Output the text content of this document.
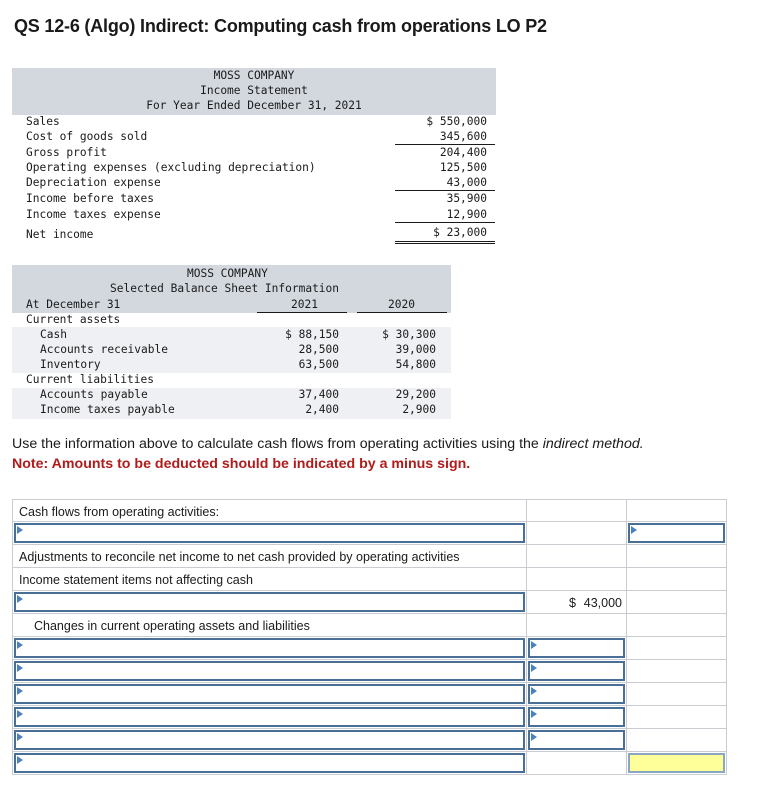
QS 12-6 (Algo) Indirect: Computing cash from operations LO P2
MOSS COMPANY
Income Statement
For Year Ended December 31, 2021
Sales	$ 550,000
Cost of goods sold	345,600
Gross profit	204,400
Operating expenses (excluding depreciation)	125,500
Depreciation expense	43,000
Income before taxes	35,900
Income taxes expense	12,900
Net income	$ 23,000
MOSS COMPANY
Selected Balance Sheet Information
At December 31	2021	2020
Current assets
Cash	$ 88,150	$ 30,300
Accounts receivable	28,500	39,000
Inventory	63,500	54,800
Current liabilities
Accounts payable	37,400	29,200
Income taxes payable	2,400	2,900
Use the information above to calculate cash flows from operating activities using the indirect method.
Note: Amounts to be deducted should be indicated by a minus sign.
Cash flows from operating activities:
Adjustments to reconcile net income to net cash provided by operating activities
Income statement items not affecting cash
$ 43,000
Changes in current operating assets and liabilities
